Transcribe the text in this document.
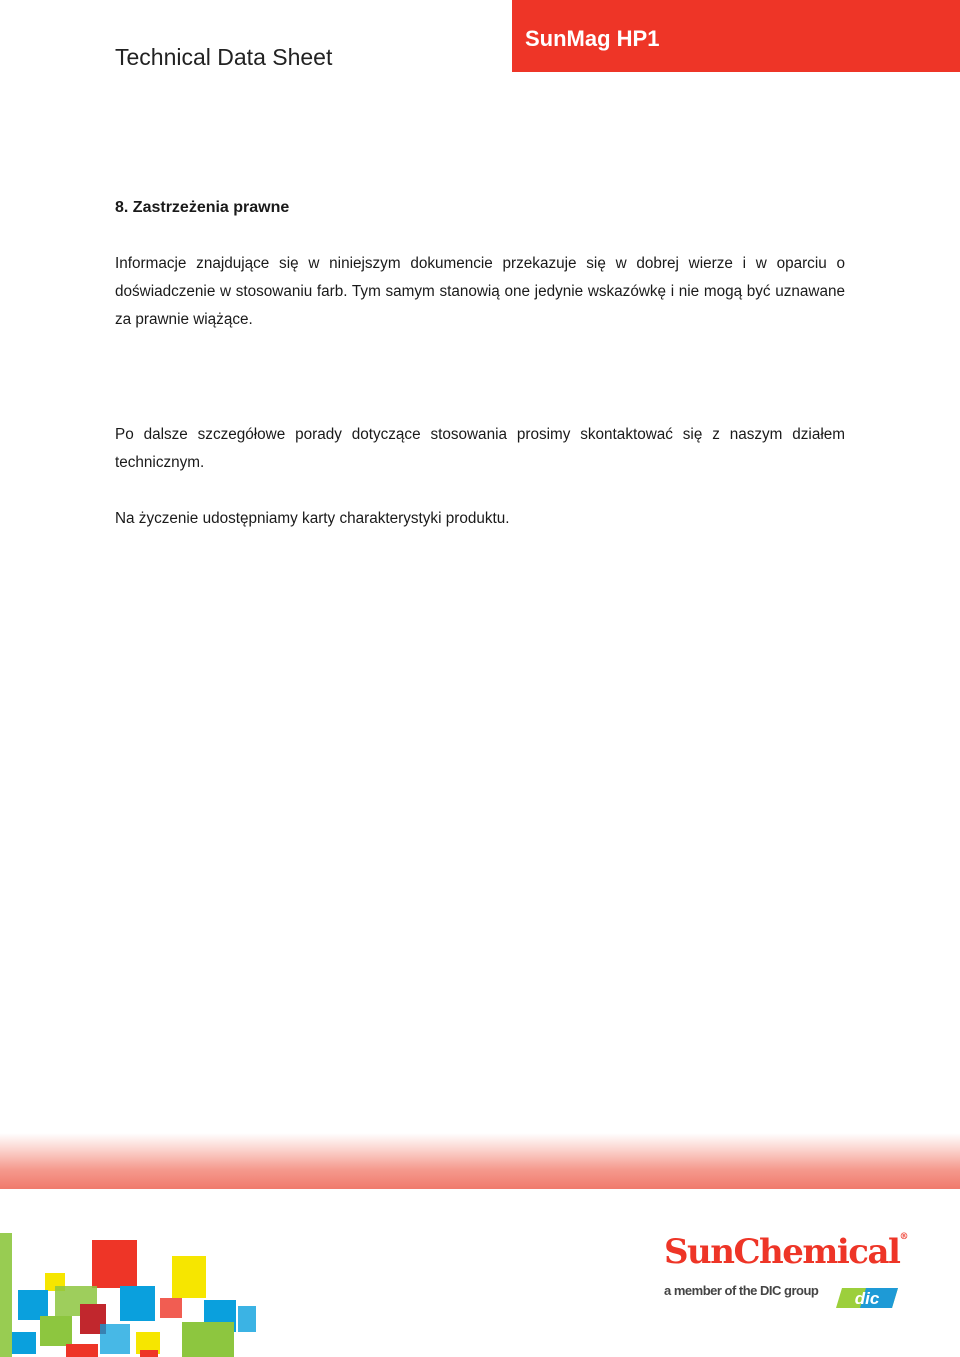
Technical Data Sheet
SunMag HP1
8. Zastrzeżenia prawne

Informacje znajdujące się w niniejszym dokumencie przekazuje się w dobrej wierze i w oparciu o doświadczenie w stosowaniu farb. Tym samym stanowią one jedynie wskazówkę i nie mogą być uznawane za prawnie wiążące.

Po dalsze szczegółowe porady dotyczące stosowania prosimy skontaktować się z naszym działem technicznym.

Na życzenie udostępniamy karty charakterystyki produktu.

SunChemical®
a member of the DIC group dic
